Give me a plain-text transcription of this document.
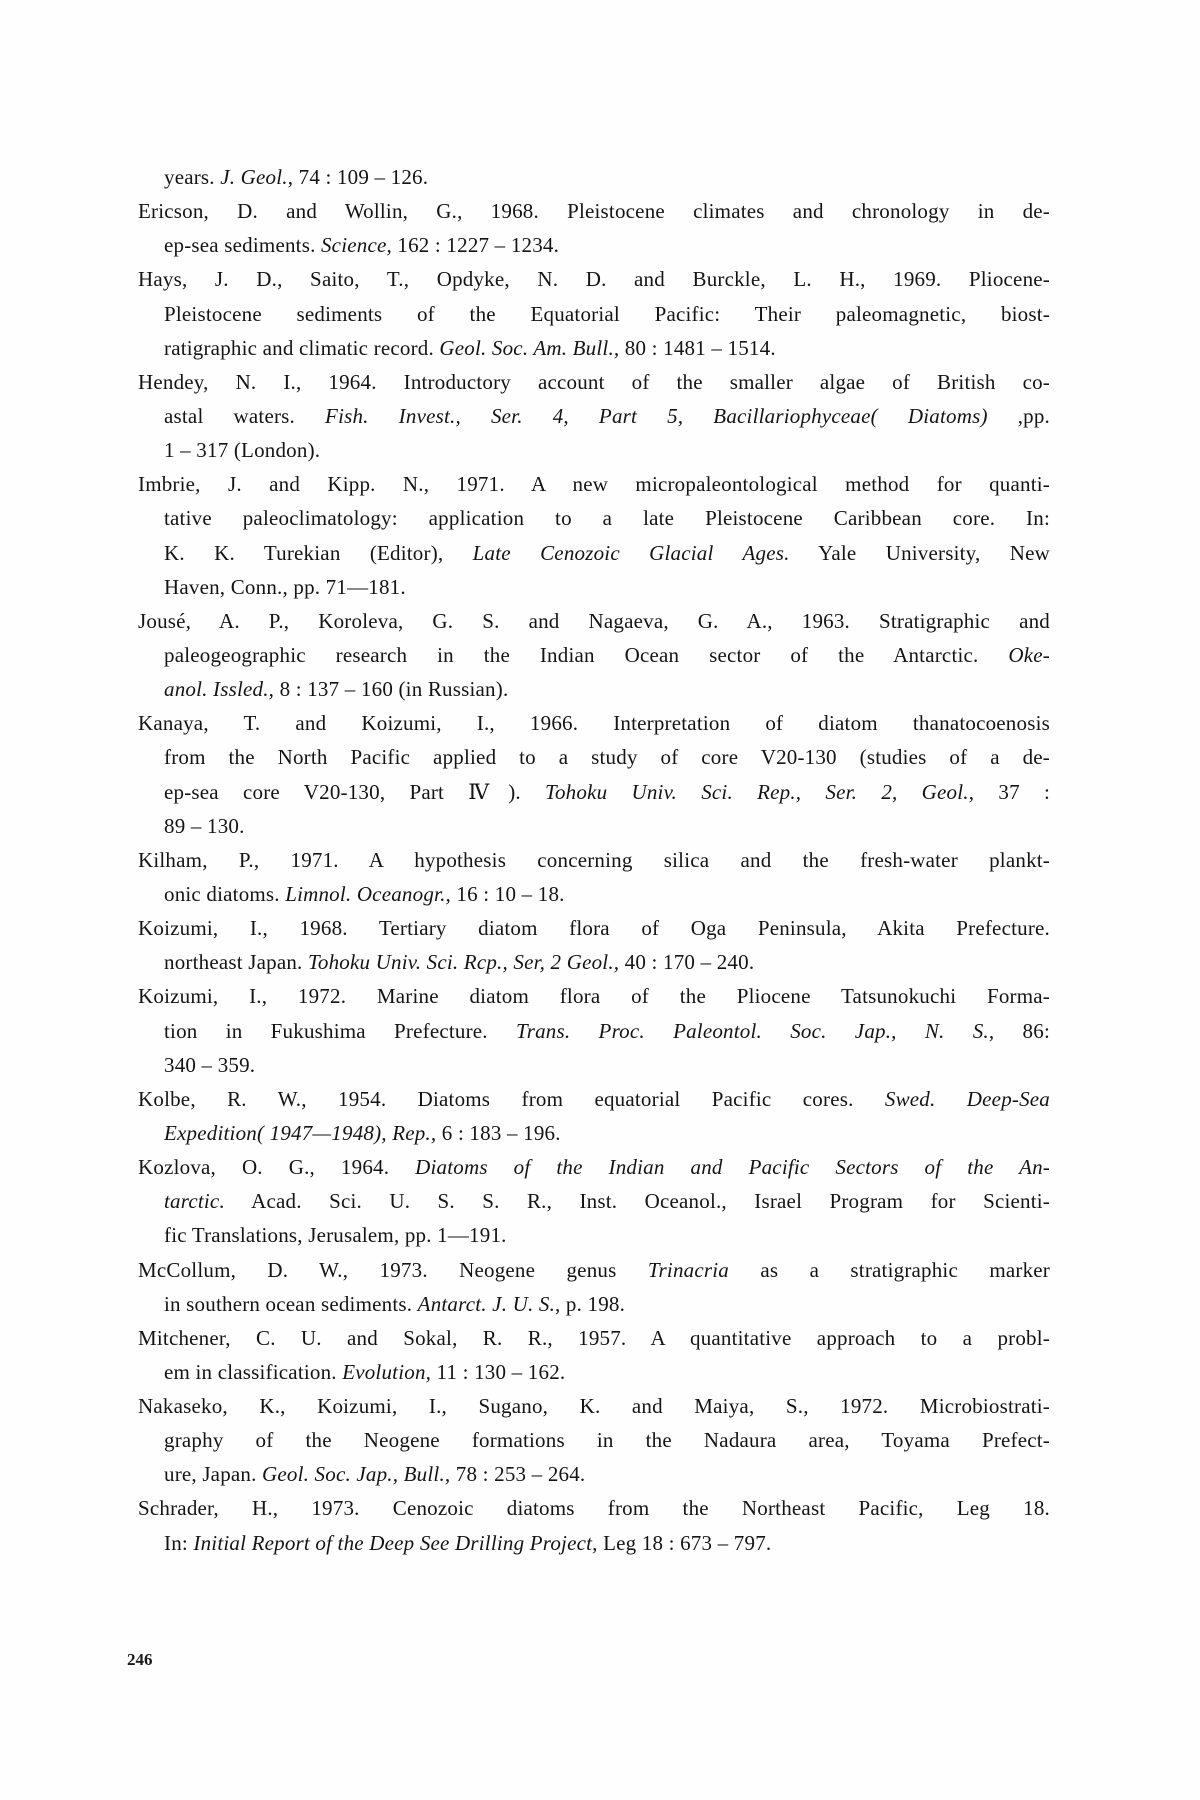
years. J. Geol., 74 : 109 – 126.
Ericson, D. and Wollin, G., 1968. Pleistocene climates and chronology in de-
ep-sea sediments. Science, 162 : 1227 – 1234.
Hays, J. D., Saito, T., Opdyke, N. D. and Burckle, L. H., 1969. Pliocene-
Pleistocene sediments of the Equatorial Pacific: Their paleomagnetic, biost-
ratigraphic and climatic record. Geol. Soc. Am. Bull., 80 : 1481 – 1514.
Hendey, N. I., 1964. Introductory account of the smaller algae of British co-
astal waters. Fish. Invest., Ser. 4, Part 5, Bacillariophyceae( Diatoms) ,pp.
1 – 317 (London).
Imbrie, J. and Kipp. N., 1971. A new micropaleontological method for quanti-
tative paleoclimatology: application to a late Pleistocene Caribbean core. In:
K. K. Turekian (Editor), Late Cenozoic Glacial Ages. Yale University, New
Haven, Conn., pp. 71—181.
Jousé, A. P., Koroleva, G. S. and Nagaeva, G. A., 1963. Stratigraphic and
paleogeographic research in the Indian Ocean sector of the Antarctic. Oke-
anol. Issled., 8 : 137 – 160 (in Russian).
Kanaya, T. and Koizumi, I., 1966. Interpretation of diatom thanatocoenosis
from the North Pacific applied to a study of core V20-130 (studies of a de-
ep-sea core V20-130, Part Ⅳ). Tohoku Univ. Sci. Rep., Ser. 2, Geol., 37 :
89 – 130.
Kilham, P., 1971. A hypothesis concerning silica and the fresh-water plankt-
onic diatoms. Limnol. Oceanogr., 16 : 10 – 18.
Koizumi, I., 1968. Tertiary diatom flora of Oga Peninsula, Akita Prefecture.
northeast Japan. Tohoku Univ. Sci. Rcp., Ser, 2 Geol., 40 : 170 – 240.
Koizumi, I., 1972. Marine diatom flora of the Pliocene Tatsunokuchi Forma-
tion in Fukushima Prefecture. Trans. Proc. Paleontol. Soc. Jap., N. S., 86:
340 – 359.
Kolbe, R. W., 1954. Diatoms from equatorial Pacific cores. Swed. Deep-Sea
Expedition( 1947—1948), Rep., 6 : 183 – 196.
Kozlova, O. G., 1964. Diatoms of the Indian and Pacific Sectors of the An-
tarctic. Acad. Sci. U. S. S. R., Inst. Oceanol., Israel Program for Scienti-
fic Translations, Jerusalem, pp. 1—191.
McCollum, D. W., 1973. Neogene genus Trinacria as a stratigraphic marker
in southern ocean sediments. Antarct. J. U. S., p. 198.
Mitchener, C. U. and Sokal, R. R., 1957. A quantitative approach to a probl-
em in classification. Evolution, 11 : 130 – 162.
Nakaseko, K., Koizumi, I., Sugano, K. and Maiya, S., 1972. Microbiostrati-
graphy of the Neogene formations in the Nadaura area, Toyama Prefect-
ure, Japan. Geol. Soc. Jap., Bull., 78 : 253 – 264.
Schrader, H., 1973. Cenozoic diatoms from the Northeast Pacific, Leg 18.
In: Initial Report of the Deep See Drilling Project, Leg 18 : 673 – 797.
246
